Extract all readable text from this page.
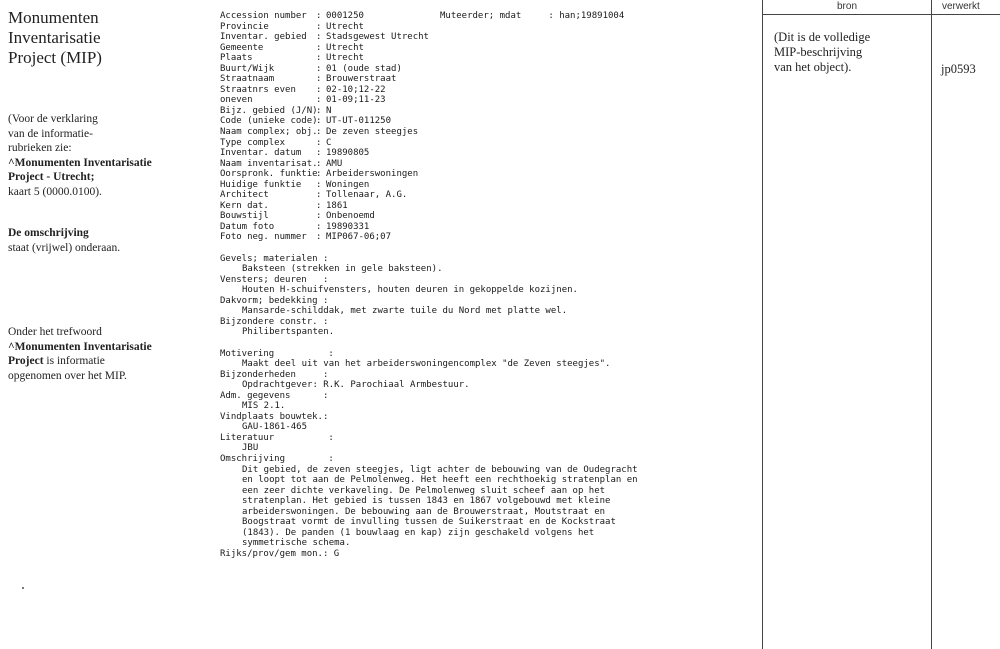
Monumenten

Inventarisatie

Project (MIP)

(Voor de verklaring

van de informatie-

rubrieken zie:

^Monumenten Inventarisatie

Project - Utrecht;

kaart 5 (0000.0100).

De omschrijving

staat (vrijwel) onderaan.

Onder het trefwoord

^Monumenten Inventarisatie

Project is informatie

opgenomen over het MIP.

Muteerder; mdat     : han;19891004
Accession number : 0001250
Provincie	: Utrecht
Inventar. gebied : Stadsgewest Utrecht
Gemeente	: Utrecht
Plaats	: Utrecht
Buurt/Wijk	: 01 (oude stad)
Straatnaam	: Brouwerstraat
Straatnrs even : 02-10;12-22
oneven	: 01-09;11-23
Bijz. gebied (J/N): N
Code (unieke code): UT-UT-011250
Naam complex; obj.: De zeven steegjes
Type complex	: C
Inventar. datum : 19890805
Naam inventarisat.: AMU
Oorspronk. funktie: Arbeiderswoningen
Huidige funktie : Woningen
Architect	: Tollenaar, A.G.
Kern dat.	: 1861
Bouwstijl	: Onbenoemd
Datum foto	: 19890331
Foto neg. nummer : MIP067-06;07
Gevels; materialen :
Baksteen (strekken in gele baksteen).
Vensters; deuren   :
Houten H-schuifvensters, houten deuren in gekoppelde kozijnen.
Dakvorm; bedekking :
Mansarde-schilddak, met zwarte tuile du Nord met platte wel.
Bijzondere constr. :
Philibertspanten.
Motivering          :
Maakt deel uit van het arbeiderswoningencomplex "de Zeven steegjes".
Bijzonderheden     :
Opdrachtgever: R.K. Parochiaal Armbestuur.
Adm. gegevens      :
MIS 2.1.
Vindplaats bouwtek.:
GAU-1861-465
Literatuur          :
JBU
Omschrijving        :
Dit gebied, de zeven steegjes, ligt achter de bebouwing van de Oudegracht
en loopt tot aan de Pelmolenweg. Het heeft een rechthoekig stratenplan en
een zeer dichte verkaveling. De Pelmolenweg sluit scheef aan op het
stratenplan. Het gebied is tussen 1843 en 1867 volgebouwd met kleine
arbeiderswoningen. De bebouwing aan de Brouwerstraat, Moutstraat en
Boogstraat vormt de invulling tussen de Suikerstraat en de Kockstraat
(1843). De panden (1 bouwlaag en kap) zijn geschakeld volgens het
symmetrische schema.
Rijks/prov/gem mon.: G
bron	verwerkt
(Dit is de volledige
MIP-beschrijving
van het object).	jp0593
